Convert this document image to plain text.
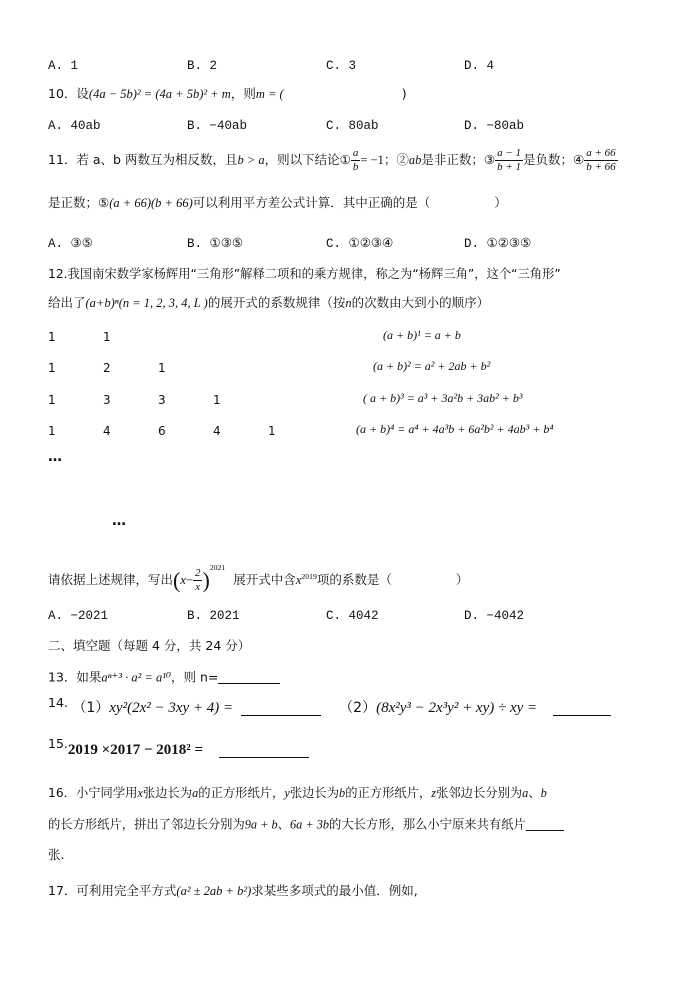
A. 1	B. 2	C. 3	D. 4
10．设(4a − 5b)² = (4a + 5b)² + m，则m = (	)
A. 40ab	B. −40ab	C. 80ab	D. −80ab
11．若 a、b 两数互为相反数，且b > a，则以下结论① $\frac{a}{b} = -1$；②ab是非正数；③ $\frac{a - 1}{b + 1}$ 是负数；④ $\frac{a + 66}{b + 66}$
是正数；⑤(a + 66)(b + 66)可以利用平方差公式计算．其中正确的是（	）
A. ③⑤	B. ①③⑤	C. ①②③④	D. ①②③⑤
12.我国南宋数学家杨辉用“三角形”解释二项和的乘方规律，称之为“杨辉三角”，这个“三角形”
给出了(a+b)ⁿ(n = 1, 2, 3, 4, L )的展开式的系数规律（按n的次数由大到小的顺序）
1	1	(a + b)¹ = a + b
1	2	1	(a + b)² = a² + 2ab + b²
1	3	3	1	( a + b)³ = a³ + 3a²b + 3ab² + b³
1	4	6	4	1	(a + b)⁴ = a⁴ + 4a³b + 6a²b² + 4ab³ + b⁴
…
…
请依据上述规律，写出$(x- \frac{2}{x} )^{2021}$展开式中含$x^{2019}$项的系数是（	）
A. −2021	B. 2021	C. 4042	D. −4042
二、填空题（每题 4 分，共 24 分）
13．如果aⁿ⁺³ · a² = a¹⁰，则 n=
14. （1）xy²(2x² − 3xy + 4) =	（2）(8x²y³ − 2x³y² + xy) ÷ xy =
15.2019 ×2017 − 2018² =
16．小宁同学用x张边长为a的正方形纸片，y张边长为b的正方形纸片，z张邻边长分别为a、b
的长方形纸片，拼出了邻边长分别为9a + b、6a + 3b的大长方形，那么小宁原来共有纸片
张.
17．可利用完全平方式(a² ± 2ab + b²)求某些多项式的最小值．例如,
